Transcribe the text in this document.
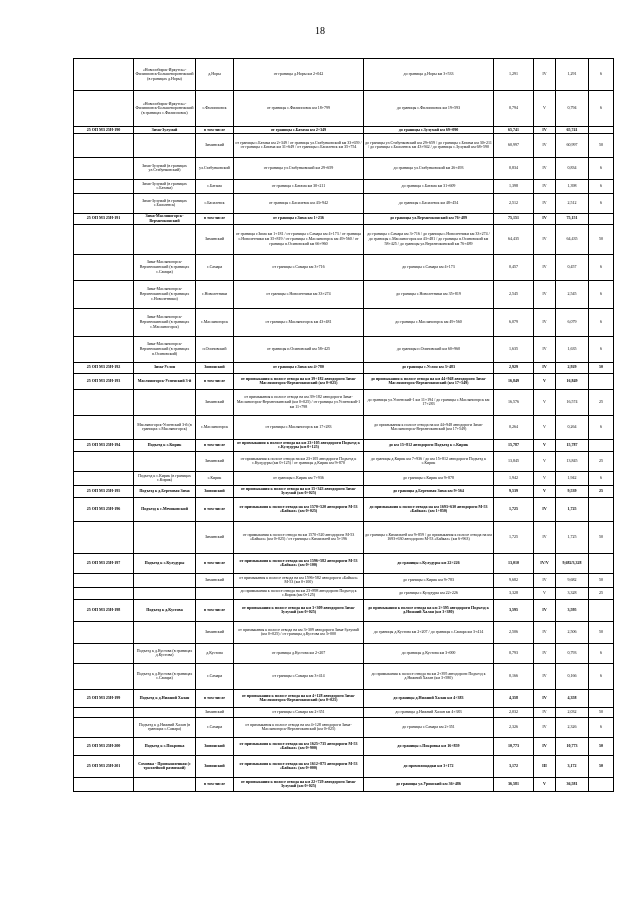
18
	«Новосибирск-Иркутск»-Филипповск-Большеворонежский (в границах д.Норы)	д.Норы	от границы д.Норы км 2+042	до границы д.Норы км 3+533	1,291	IV	1,291	6
	«Новосибирск-Иркутск»-Филипповск-Большеворонежский (в границах с.Филипповск)	с.Филипповск	от границы с.Филипповск км 18+799	до границы с.Филипповск км 19+593	0,794	V	0,794	6
25 ОП МЗ 25Н-190	Зима-Зулумай	в том числе	от границы с.Батама км 2+349	до границы с.Зулумай км 69+090	65,741	IV	65,741	
		Зиминский	от границы с.Батама км 2+349 / от границы ул.Стабунковский км 33+659 / от границы с.Батама км 31+649 / от границы с.Басилевск км 35+754	до границы ул.Стабунковский км 29+659 / до границы с.Батама км 30+211 / до границы с.Басилевск км 43+942 / до границы с.Зулумай км 68+590	60,997	IV	60,997	50
	Зима-Зулумай (в границах ул.Стабунковский)	ул.Стабунковский	от границы ул.Стабунковский км 29+659	до границы ул.Стабунковский км 26+493	0,834	IV	0,834	6
	Зима-Зулумай (в границах с.Батама)	с.Батама	от границы с.Батама км 30+211	до границы с.Батама км 31+609	1,398	IV	1,398	6
	Зима-Зулумай (в границах с.Басилевск)	с.Басилевск	от границы с.Басилевск км 43+942	до границы с.Басилевск км 48+454	2,512	IV	2,512	6
25 ОП МЗ 25Н-191	Зима-Масляногорск-Верхнеокинский	в том числе	от границы г.Зима км 1+236	до границы ул.Верхнеокинский км 76+489	75,151	IV	75,151	
		Зиминский	от границы г.Зима км 1+181 / от границы с.Самара км 4+173 / от границы с.Новолетники км 35+819 / от границы с.Масляногорск км 49+560 / от границы п.Осиновский км 66+960	до границы с.Самара км 3+716 / до границы с.Новолетники км 33+274 / до границы с.Масляногорск км 43+481 / до границы п.Осиновский км 58+425 / до границы ул.Верхнеокинский км 76+489	64,435	IV	64,435	50
	Зима-Масляногорск-Верхнеокинский (в границах с.Самара)	с.Самара	от границы с.Самара км 3+716	до границы с.Самара км 4+173	0,457	IV	0,457	6
	Зима-Масляногорск-Верхнеокинский (в границах с.Новолетники)	с.Новолетники	от границы с.Новолетники км 33+274	до границы с.Новолетники км 35+819	2,545	IV	2,545	6
	Зима-Масляногорск-Верхнеокинский (в границах с.Масляногорск)	с.Масляногорск	от границы с.Масляногорск км 43+481	до границы с.Масляногорск км 49+560	6,079	IV	6,079	6
	Зима-Масляногорск-Верхнеокинский (в границах п.Осиновский)	п.Осиновский	от границы п.Осиновский км 58+425	до границы п.Осиновский км 60+960	1,635	IV	1,635	6
25 ОП МЗ 25Н-192	Зима-Услон	Зиминский	от границы г.Зима км 4+780	до границы с.Услон км 3+483	2,929	IV	2,929	50
25 ОП МЗ 25Н-193	Масляногорск-Успенский 3-й	в том числе	от примыкания к полосе отвода на км 39+182 автодороги Зима-Масляногорск-Верхнеокинский (км 0+025)	до примыкания к полосе отвода на км 44+948 автодороги Зима-Масляногорск-Верхнеокинский (км 17+549)	16,849	V	16,849	
		Зиминский	от примыкания к полосе отвода на км 39+182 автодороги Зима-Масляногорск-Верхнеокинский (км 0+025) / от границы ул.Успенский-1 км 11+798	до границы ул.Успенский-1 км 11+194 / до границы с.Масляногорск км 17+283	16,576	V	16,574	25
	Масляногорск-Успенский 3-й (в границах с.Масляногорск)	с.Масляногорск	от границы с.Масляногорск км 17+283	до примыкания к полосе отвода на км 44+948 автодороги Зима-Масляногорск-Верхнеокинский (км 17+549)	0,264	V	0,264	6
25 ОП МЗ 25Н-194	Подъезд к с.Кирик	в том числе	от примыкания к полосе отвода на км 23+105 автодороги Подъезд к с.Кулудуры (км 0+125)	до км 15+812 автодороги Подъезд к с.Кирик	15,787	V	15,787	
		Зиминский	от примыкания к полосе отвода на км 23+105 автодороги Подъезд к с.Кулудуры (км 0+125) / от границы д.Кирик км 9+870	до границы д.Кирик км 7+936 / до км 15+812 автодороги Подъезд к с.Кирик	13,845	V	13,845	25
	Подъезд к с.Кирик (в границах с.Кирик)	с.Кирик	от границы с.Кирик км 7+936	до границы с.Кирик км 9+878	1,942	V	1,942	6
25 ОП МЗ 25Н-195	Подъезд к д.Березовая Зима	Зиминский	от примыкания к полосе отвода на км 15+343 автодороги Зима-Зулумай (км 0+025)	до границы д.Березовая Зима км 9+564	9,539	V	9,539	25
25 ОП МЗ 25Н-196	Подъезд к с.Мечиковский	в том числе	от примыкания к полосе отвода на км 1570+520 автодороги М-53 «Байкал» (км 0+025)	до примыкания к полосе отвода на км 1693+630 автодороги М-53 «Байкал» (км 1+850)	1,725	IV	1,725	
		Зиминский	от примыкания к полосе отвода на км 1570+520 автодороги М-53 «Байкал» (км 0+025) / от границы с.Кимильтей км 5+196	до границы с.Кимильтей км 9+859 / до примыкания к полосе отвода на км 1693+630 автодороги М-53 «Байкал» (км 6+963)	1,725	IV	1,725	50
25 ОП МЗ 25Н-197	Подъезд к с.Кулудуры	в том числе	от примыкания к полосе отвода на км 1596+582 автодороги М-53 «Байкал» (км 0+100)	до границы с.Кулудуры км 22+226	13,010	IV/V	9,682/3,328	
		Зиминский	от примыкания к полосе отвода на км 1596+582 автодороги «Байкал» М-53 (км 0+100)	до границы с.Кирик км 9+783	9,682	IV	9,682	50
			до примыкания к полосе отвода на км 23+898 автодороги Подъезд к с.Кирик (км 0+125)	до границы с.Кулудуры км 22+226	3,328	V	3,328	25
25 ОП МЗ 25Н-198	Подъезд к д.Кустова	в том числе	от примыкания к полосе отвода на км 3+309 автодороги Зима-Зулумай (км 0+025)	до примыкания к полосе отвода на км 2+395 автодороги Подъезд к д.Нижний Халан (км 3+380)	3,595	IV	3,595	
		Зиминский	от примыкания к полосе отвода на км 3+309 автодороги Зима-Зулумай (км 0+025) / от границы д.Кустова км 3+000	до границы д.Кустова км 2+207 / до границы с.Самара км 3+414	2,506	IV	2,506	50
	Подъезд к д.Кустова (в границах д.Кустова)	д.Кустова	от границы д.Кустова км 2+207	до границы д.Кустова км 3+000	0,793	IV	0,793	6
	Подъезд к д.Кустова (в границах с.Самара)	с.Самара	от границы с.Самара км 3+414	до примыкания к полосе отвода на км 2+395 автодороги Подъезд к д.Нижний Халан (км 3+580)	0,166	IV	0,166	6
25 ОП МЗ 25Н-199	Подъезд к д.Нижний Халан	в том числе	от примыкания к полосе отвода на км 4+128 автодороги Зима-Масляногорск-Верхнеокинский (км 0+025)	до границы д.Нижний Халан км 4+383	4,358	IV	4,358	
		Зиминский	от границы с.Самара км 2+351	до границы д.Нижний Халан км 4+383	2,032	IV	2,032	50
	Подъезд к д.Нижний Халан (в границах с.Самара)	с.Самара	от примыкания к полосе отвода на км 4+128 автодороги Зима-Масляногорск-Верхнеокинский (км 0+025)	до границы с.Самара км 2+351	2,326	IV	2,326	6
25 ОП МЗ 25Н-200	Подъезд к с.Покровка	Зиминский	от примыкания к полосе отвода на км 1625+735 автодороги М-53 «Байкал» (км 0+900)	до границы с.Покровка км 16+859	10,773	IV	10,773	50
25 ОП МЗ 25Н-201	Сомовка - Промышленная (с троллейной развязкой)	Зиминский	от примыкания к полосе отвода на км 1612+875 автодороги М-53 «Байкал» (км 0+000)	до промплощадки км 3+172	3,172	III	3,172	50
		в том числе	от примыкания к полосе отвода на км 22+729 автодороги Зима-Зулумай (км 0+025)	до границы ул.Уринский км 36+486	36,581	V	36,581	
